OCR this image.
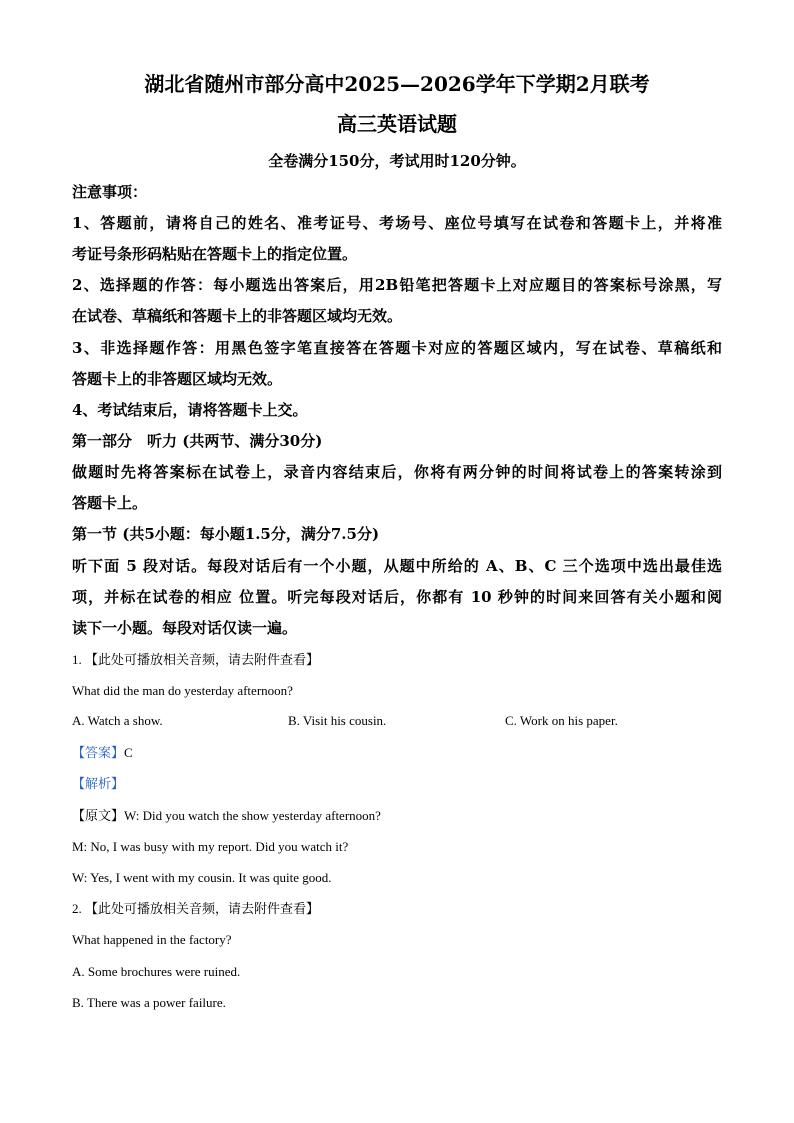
湖北省随州市部分高中2025—2026学年下学期2月联考
高三英语试题
全卷满分150分，考试用时120分钟。
注意事项：
1、答题前，请将自己的姓名、准考证号、考场号、座位号填写在试卷和答题卡上，并将准
考证号条形码粘贴在答题卡上的指定位置。
2、选择题的作答：每小题选出答案后，用2B铅笔把答题卡上对应题目的答案标号涂黑，写
在试卷、草稿纸和答题卡上的非答题区域均无效。
3、非选择题作答：用黑色签字笔直接答在答题卡对应的答题区域内，写在试卷、草稿纸和
答题卡上的非答题区域均无效。
4、考试结束后，请将答题卡上交。
第一部分　听力 (共两节、满分30分)
做题时先将答案标在试卷上，录音内容结束后，你将有两分钟的时间将试卷上的答案转涂到
答题卡上。
第一节 (共5小题：每小题1.5分，满分7.5分)
听下面 5 段对话。每段对话后有一个小题，从题中所给的 A、B、C 三个选项中选出最佳选
项，并标在试卷的相应 位置。听完每段对话后，你都有 10 秒钟的时间来回答有关小题和阅
读下一小题。每段对话仅读一遍。
1. 【此处可播放相关音频，请去附件查看】
What did the man do yesterday afternoon?
A. Watch a show.	B. Visit his cousin.	C. Work on his paper.
【答案】C
【解析】
【原文】W: Did you watch the show yesterday afternoon?
M: No, I was busy with my report. Did you watch it?
W: Yes, I went with my cousin. It was quite good.
2. 【此处可播放相关音频，请去附件查看】
What happened in the factory?
A. Some brochures were ruined.
B. There was a power failure.
